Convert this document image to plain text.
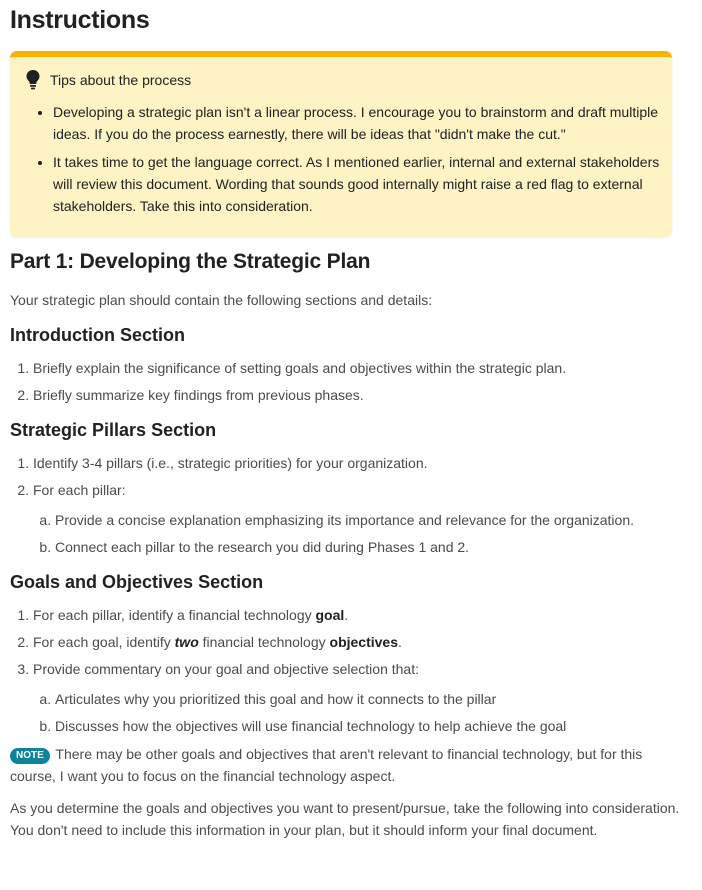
Instructions
Tips about the process
• Developing a strategic plan isn't a linear process. I encourage you to brainstorm and draft multiple ideas. If you do the process earnestly, there will be ideas that "didn't make the cut."
• It takes time to get the language correct. As I mentioned earlier, internal and external stakeholders will review this document. Wording that sounds good internally might raise a red flag to external stakeholders. Take this into consideration.
Part 1: Developing the Strategic Plan

Your strategic plan should contain the following sections and details:

Introduction Section
1. Briefly explain the significance of setting goals and objectives within the strategic plan.
2. Briefly summarize key findings from previous phases.
Strategic Pillars Section
1. Identify 3-4 pillars (i.e., strategic priorities) for your organization.
2. For each pillar:
a. Provide a concise explanation emphasizing its importance and relevance for the organization.
b. Connect each pillar to the research you did during Phases 1 and 2.
Goals and Objectives Section
1. For each pillar, identify a financial technology goal.
2. For each goal, identify two financial technology objectives.
3. Provide commentary on your goal and objective selection that:
a. Articulates why you prioritized this goal and how it connects to the pillar
b. Discusses how the objectives will use financial technology to help achieve the goal

NOTE There may be other goals and objectives that aren't relevant to financial technology, but for this course, I want you to focus on the financial technology aspect.

As you determine the goals and objectives you want to present/pursue, take the following into consideration. You don't need to include this information in your plan, but it should inform your final document.
